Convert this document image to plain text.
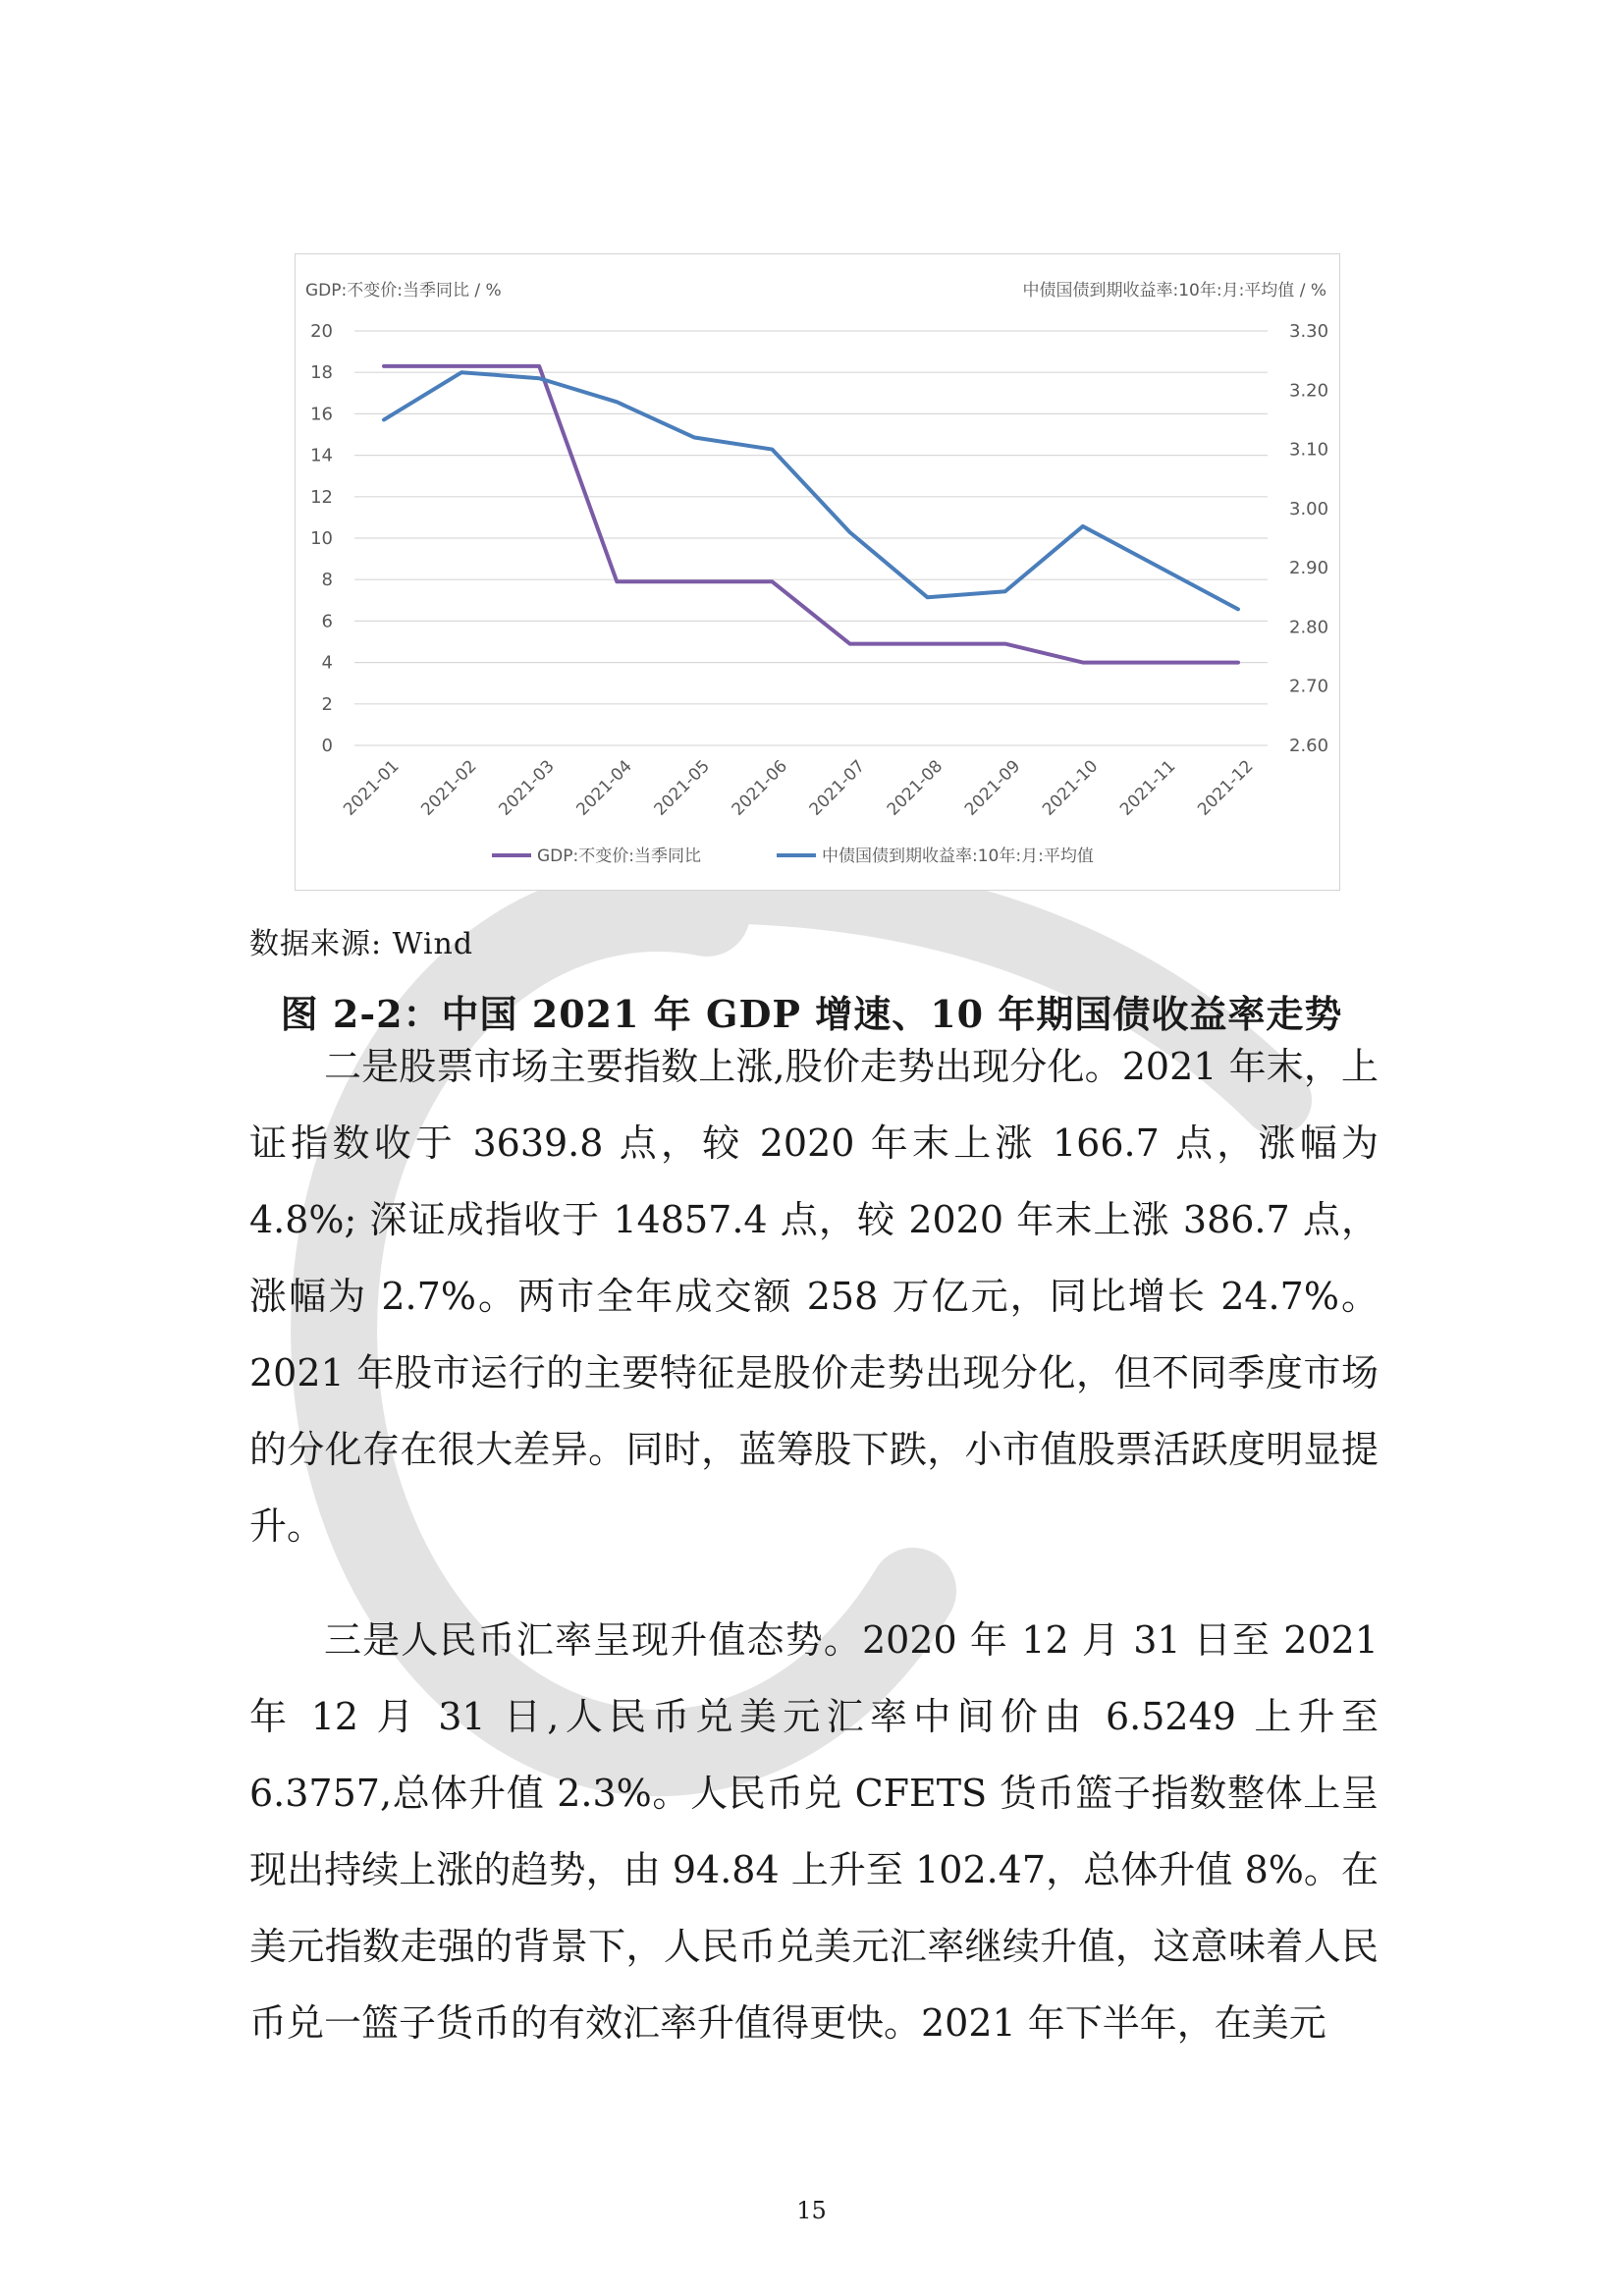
0
2
4
6
8
10
12
14
16
18
20
2.60
2.70
2.80
2.90
3.00
3.10
3.20
3.30
2021-01 2021-02 2021-03 2021-04 2021-05 2021-06 2021-07 2021-08 2021-09 2021-10 2021-11 2021-12
GDP:不变价:当季同比	中债国债到期收益率:10年:月:平均值
GDP:不变价:当季同比 / %	中债国债到期收益率:10年:月:平均值 / %
数据来源: Wind
图 2-2：中国 2021 年 GDP 增速、10 年期国债收益率走势

二是股票市场主要指数上涨,股价走势出现分化。2021 年末，上证指数收于 3639.8 点，较 2020 年末上涨 166.7 点，涨幅为 4.8%; 深证成指收于 14857.4 点，较 2020 年末上涨 386.7 点，涨幅为 2.7%。两市全年成交额 258 万亿元，同比增长 24.7%。2021 年股市运行的主要特征是股价走势出现分化，但不同季度市场的分化存在很大差异。同时，蓝筹股下跌，小市值股票活跃度明显提升。

三是人民币汇率呈现升值态势。2020 年 12 月 31 日至 2021 年 12 月 31 日,人民币兑美元汇率中间价由 6.5249 上升至 6.3757,总体升值 2.3%。人民币兑 CFETS 货币篮子指数整体上呈现出持续上涨的趋势，由 94.84 上升至 102.47，总体升值 8%。在美元指数走强的背景下，人民币兑美元汇率继续升值，这意味着人民币兑一篮子货币的有效汇率升值得更快。2021 年下半年，在美元

15
